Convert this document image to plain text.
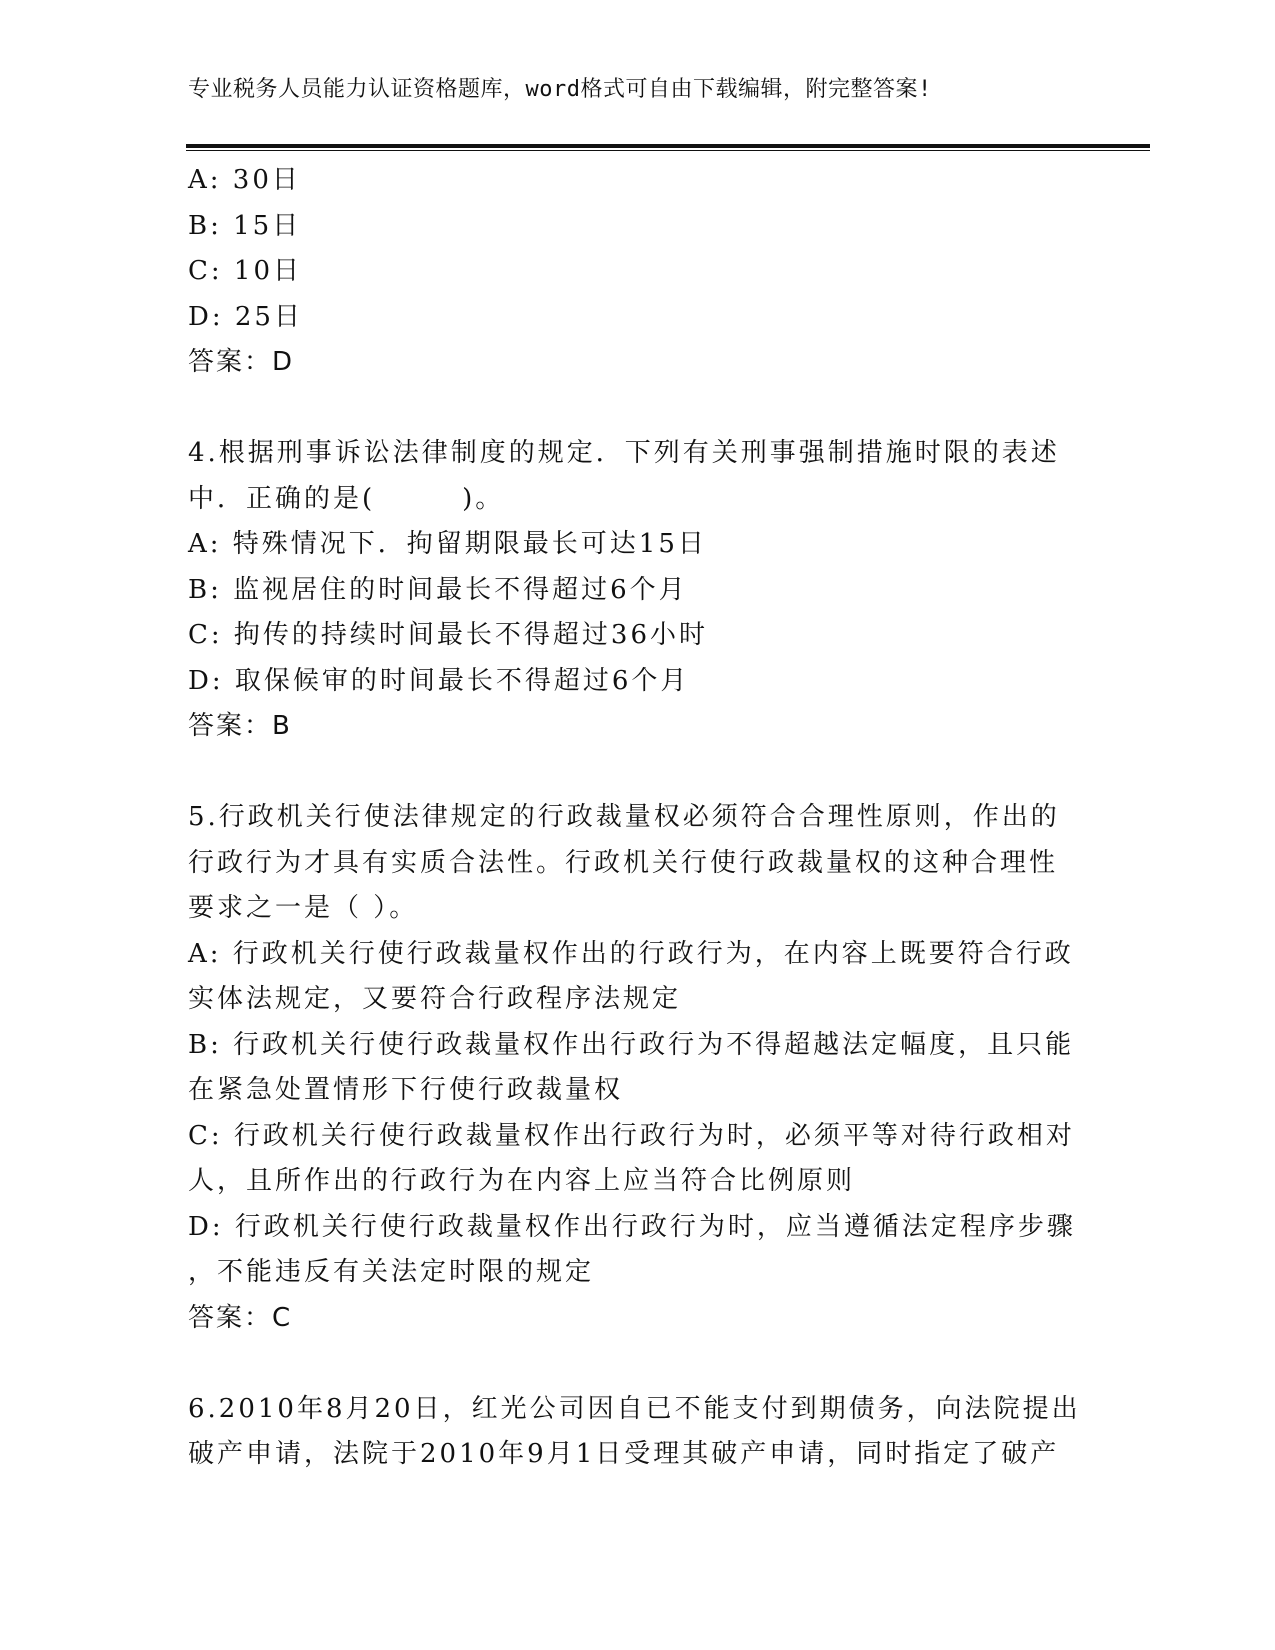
专业税务人员能力认证资格题库，word格式可自由下载编辑，附完整答案!
A: 30日
B: 15日
C: 10日
D: 25日
答案：D
4.根据刑事诉讼法律制度的规定．下列有关刑事强制措施时限的表述
中．正确的是(　　　)。
A: 特殊情况下．拘留期限最长可达15日
B: 监视居住的时间最长不得超过6个月
C: 拘传的持续时间最长不得超过36小时
D: 取保候审的时间最长不得超过6个月
答案：B
5.行政机关行使法律规定的行政裁量权必须符合合理性原则，作出的
行政行为才具有实质合法性。行政机关行使行政裁量权的这种合理性
要求之一是（ ）。
A: 行政机关行使行政裁量权作出的行政行为，在内容上既要符合行政
实体法规定，又要符合行政程序法规定
B: 行政机关行使行政裁量权作出行政行为不得超越法定幅度，且只能
在紧急处置情形下行使行政裁量权
C: 行政机关行使行政裁量权作出行政行为时，必须平等对待行政相对
人，且所作出的行政行为在内容上应当符合比例原则
D: 行政机关行使行政裁量权作出行政行为时，应当遵循法定程序步骤
，不能违反有关法定时限的规定
答案：C
6.2010年8月20日，红光公司因自已不能支付到期债务，向法院提出
破产申请，法院于2010年9月1日受理其破产申请，同时指定了破产
